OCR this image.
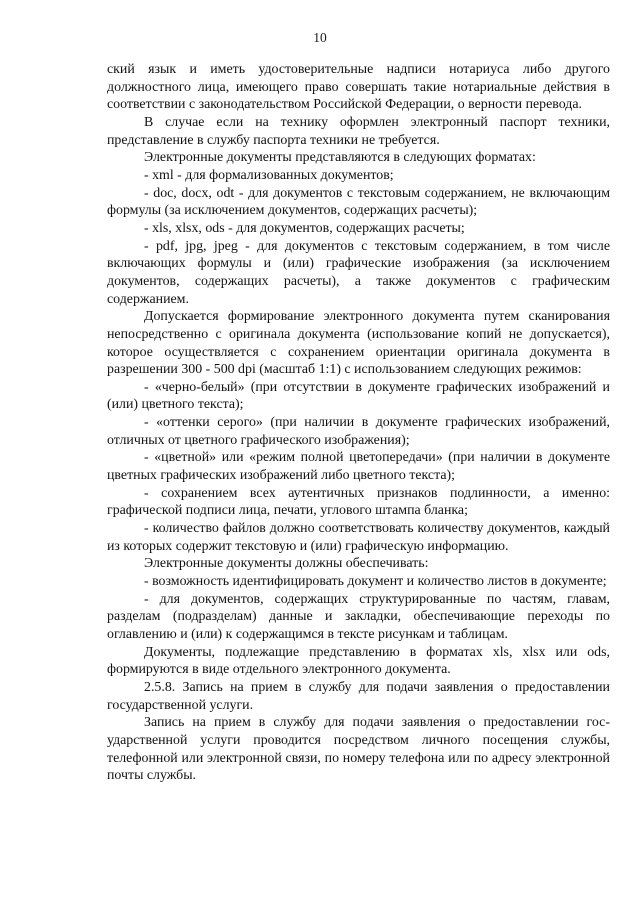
10

ский язык и иметь удостоверительные надписи нотариуса либо другого должностного лица, имеющего право совершать такие нотариальные действия в соответствии с законодательством Российской Федерации, о верности перевода.

В случае если на технику оформлен электронный паспорт техники, представление в службу паспорта техники не требуется.

Электронные документы представляются в следующих форматах:

- xml - для формализованных документов;

- doc, docx, odt - для документов с текстовым содержанием, не включающим формулы (за исключением документов, содержащих расчеты);

- xls, xlsx, ods - для документов, содержащих расчеты;

- pdf, jpg, jpeg - для документов с текстовым содержанием, в том числе включающих формулы и (или) графические изображения (за исключением документов, содержащих расчеты), а также документов с графическим содержанием.

Допускается формирование электронного документа путем сканирования непосредственно с оригинала документа (использование копий не допускается), которое осуществляется с сохранением ориентации оригинала документа в разрешении 300 - 500 dpi (масштаб 1:1) с использованием следующих режимов:

- «черно-белый» (при отсутствии в документе графических изображений и (или) цветного текста);

- «оттенки серого» (при наличии в документе графических изображений, отличных от цветного графического изображения);

- «цветной» или «режим полной цветопередачи» (при наличии в документе цветных графических изображений либо цветного текста);

- сохранением всех аутентичных признаков подлинности, а именно: графической подписи лица, печати, углового штампа бланка;

- количество файлов должно соответствовать количеству документов, каждый из которых содержит текстовую и (или) графическую информацию.

Электронные документы должны обеспечивать:

- возможность идентифицировать документ и количество листов в документе;

- для документов, содержащих структурированные по частям, главам, разделам (подразделам) данные и закладки, обеспечивающие переходы по оглавлению и (или) к содержащимся в тексте рисункам и таблицам.

Документы, подлежащие представлению в форматах xls, xlsx или ods, формируются в виде отдельного электронного документа.

2.5.8. Запись на прием в службу для подачи заявления о предоставлении государственной услуги.

Запись на прием в службу для подачи заявления о предоставлении государственной услуги проводится посредством личного посещения службы, телефонной или электронной связи, по номеру телефона или по адресу электронной почты службы.
